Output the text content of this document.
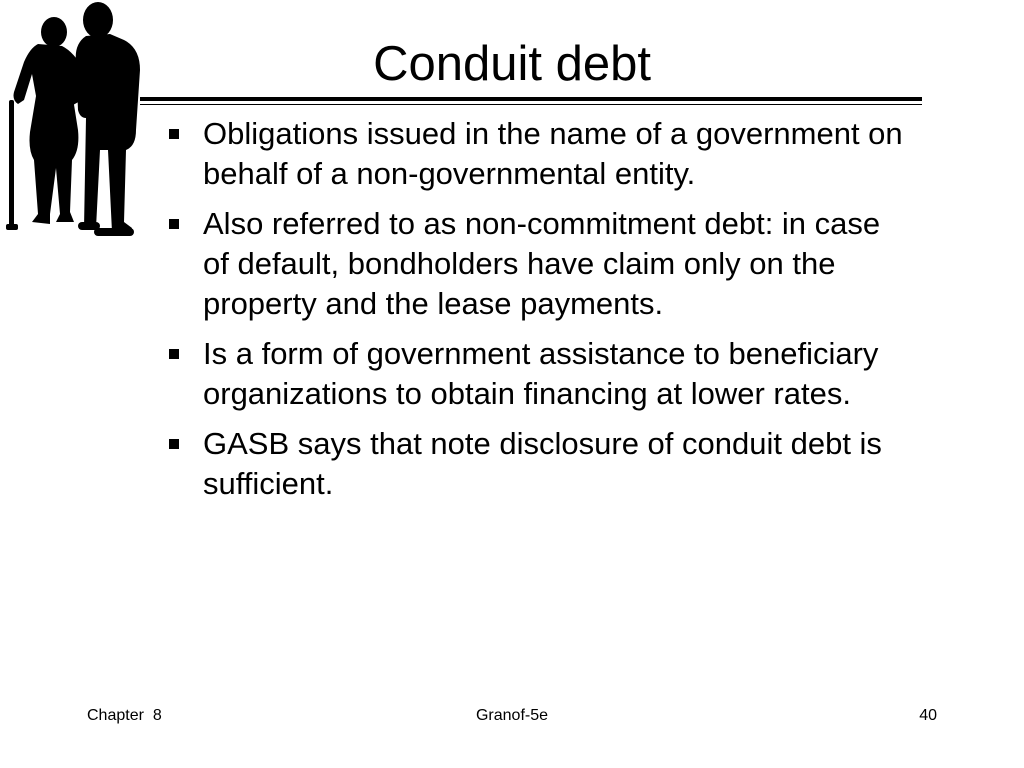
Conduit debt
Obligations issued in the name of a government on behalf of a non-governmental entity.
Also referred to as non-commitment debt: in case of default, bondholders have claim only on the property and the lease payments.
Is a form of government assistance to beneficiary organizations to obtain financing at lower rates.
GASB says that note disclosure of conduit debt is sufficient.
Chapter  8	Granof-5e	40
